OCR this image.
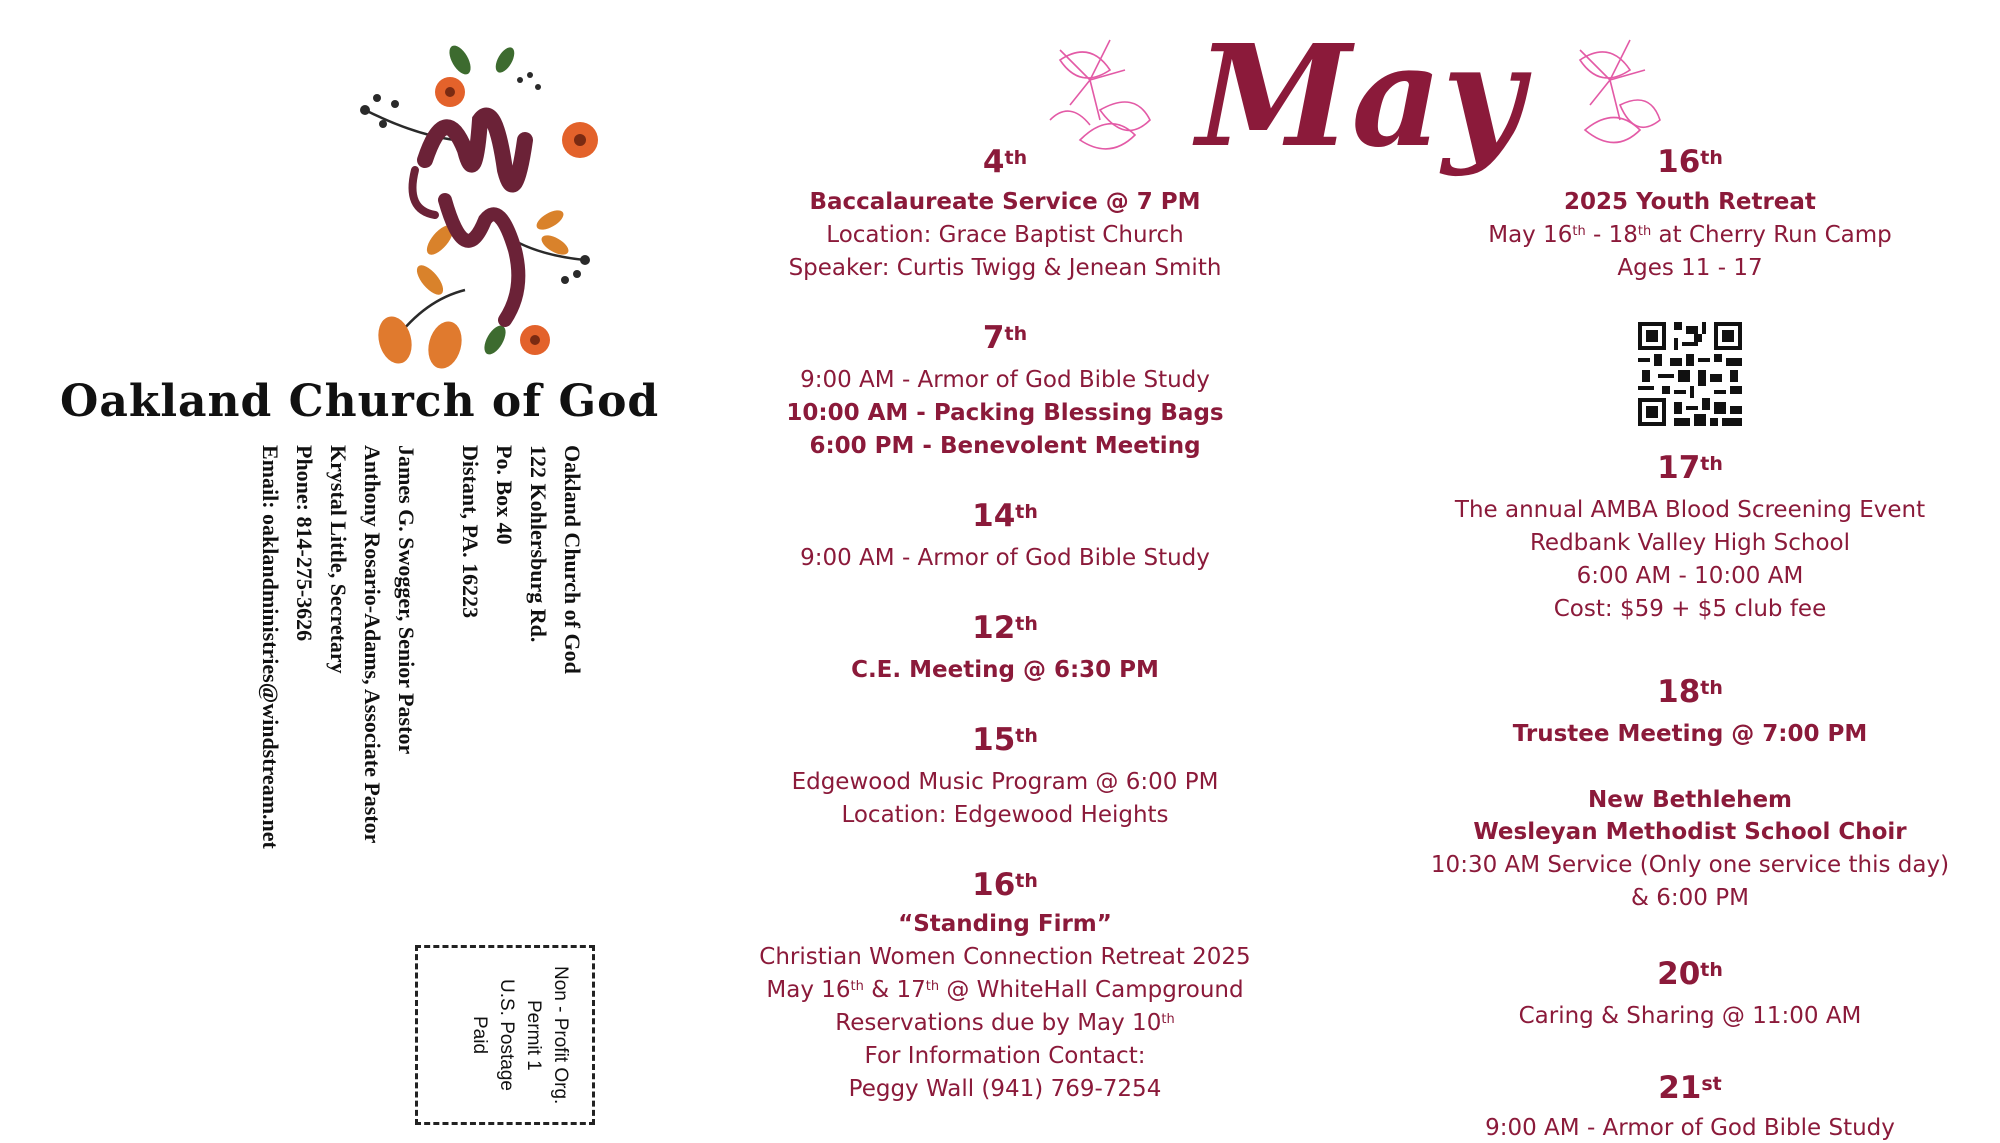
Oakland Church of God
Oakland Church of God
122 Kohlersburg Rd.
Po. Box 40
Distant, PA. 16223
James G. Swogger, Senior Pastor
Anthony Rosario-Adams, Associate Pastor
Krystal Little, Secretary
Phone: 814-275-3626
Email: oaklandministries@windstream.net
Non - Profit Org.
Permit 1
U.S. Postage
Paid
May
4th
Baccalaureate Service @ 7 PM
Location: Grace Baptist Church
Speaker: Curtis Twigg & Jenean Smith
7th
9:00 AM - Armor of God Bible Study
10:00 AM - Packing Blessing Bags
6:00 PM - Benevolent Meeting
14th
9:00 AM - Armor of God Bible Study
12th
C.E. Meeting @ 6:30 PM
15th
Edgewood Music Program @ 6:00 PM
Location: Edgewood Heights
16th
“Standing Firm”
Christian Women Connection Retreat 2025
May 16th & 17th @ WhiteHall Campground
Reservations due by May 10th
For Information Contact:
Peggy Wall (941) 769-7254
16th
2025 Youth Retreat
May 16th - 18th at Cherry Run Camp
Ages 11 - 17
17th
The annual AMBA Blood Screening Event
Redbank Valley High School
6:00 AM - 10:00 AM
Cost: $59 + $5 club fee
18th
Trustee Meeting @ 7:00 PM
New Bethlehem
Wesleyan Methodist School Choir
10:30 AM Service (Only one service this day)
& 6:00 PM
20th
Caring & Sharing @ 11:00 AM
21st
9:00 AM - Armor of God Bible Study
